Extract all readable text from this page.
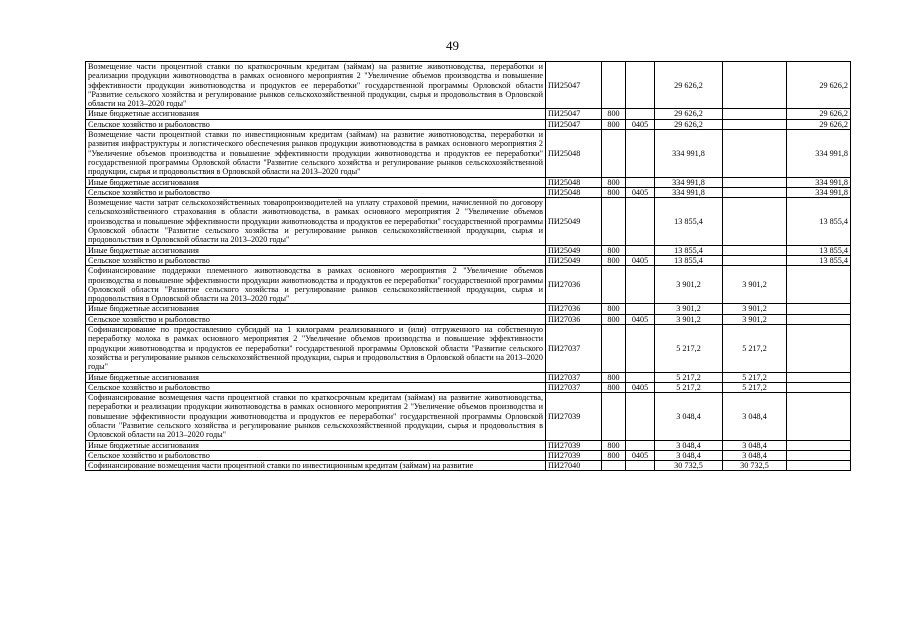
49
Возмещение части процентной ставки по краткосрочным кредитам (займам) на развитие животноводства, переработки и реализации продукции животноводства в рамках основного мероприятия 2 "Увеличение объемов производства и повышение эффективности продукции животноводства и продуктов ее переработки" государственной программы Орловской области "Развитие сельского хозяйства и регулирование рынков сельскохозяйственной продукции, сырья и продовольствия в Орловской области на 2013–2020 годы"	ПИ25047			29 626,2		29 626,2
Иные бюджетные ассигнования	ПИ25047	800		29 626,2		29 626,2
Сельское хозяйство и рыболовство	ПИ25047	800	0405	29 626,2		29 626,2
Возмещение части процентной ставки по инвестиционным кредитам (займам) на развитие животноводства, переработки и развития инфраструктуры и логистического обеспечения рынков продукции животноводства в рамках основного мероприятия 2 "Увеличение объемов производства и повышение эффективности продукции животноводства и продуктов ее переработки" государственной программы Орловской области "Развитие сельского хозяйства и регулирование рынков сельскохозяйственной продукции, сырья и продовольствия в Орловской области на 2013–2020 годы"	ПИ25048			334 991,8		334 991,8
Иные бюджетные ассигнования	ПИ25048	800		334 991,8		334 991,8
Сельское хозяйство и рыболовство	ПИ25048	800	0405	334 991,8		334 991,8
Возмещение части затрат сельскохозяйственных товаропроизводителей на уплату страховой премии, начисленной по договору сельскохозяйственного страхования в области животноводства, в рамках основного мероприятия 2 "Увеличение объемов производства и повышение эффективности продукции животноводства и продуктов ее переработки" государственной программы Орловской области "Развитие сельского хозяйства и регулирование рынков сельскохозяйственной продукции, сырья и продовольствия в Орловской области на 2013–2020 годы"	ПИ25049			13 855,4		13 855,4
Иные бюджетные ассигнования	ПИ25049	800		13 855,4		13 855,4
Сельское хозяйство и рыболовство	ПИ25049	800	0405	13 855,4		13 855,4
Софинансирование поддержки племенного животноводства в рамках основного мероприятия 2 "Увеличение объемов производства и повышение эффективности продукции животноводства и продуктов ее переработки" государственной программы Орловской области "Развитие сельского хозяйства и регулирование рынков сельскохозяйственной продукции, сырья и продовольствия в Орловской области на 2013–2020 годы"	ПИ27036			3 901,2	3 901,2	
Иные бюджетные ассигнования	ПИ27036	800		3 901,2	3 901,2	
Сельское хозяйство и рыболовство	ПИ27036	800	0405	3 901,2	3 901,2	
Софинансирование по предоставлению субсидий на 1 килограмм реализованного и (или) отгруженного на собственную переработку молока в рамках основного мероприятия 2 "Увеличение объемов производства и повышение эффективности продукции животноводства и продуктов ее переработки" государственной программы Орловской области "Развитие сельского хозяйства и регулирование рынков сельскохозяйственной продукции, сырья и продовольствия в Орловской области на 2013–2020 годы"	ПИ27037			5 217,2	5 217,2	
Иные бюджетные ассигнования	ПИ27037	800		5 217,2	5 217,2	
Сельское хозяйство и рыболовство	ПИ27037	800	0405	5 217,2	5 217,2	
Софинансирование возмещения части процентной ставки по краткосрочным кредитам (займам) на развитие животноводства, переработки и реализации продукции животноводства в рамках основного мероприятия 2 "Увеличение объемов производства и повышение эффективности продукции животноводства и продуктов ее переработки" государственной программы Орловской области "Развитие сельского хозяйства и регулирование рынков сельскохозяйственной продукции, сырья и продовольствия в Орловской области на 2013–2020 годы"	ПИ27039			3 048,4	3 048,4	
Иные бюджетные ассигнования	ПИ27039	800		3 048,4	3 048,4	
Сельское хозяйство и рыболовство	ПИ27039	800	0405	3 048,4	3 048,4	
Софинансирование возмещения части процентной ставки по инвестиционным кредитам (займам) на развитие	ПИ27040			30 732,5	30 732,5	
